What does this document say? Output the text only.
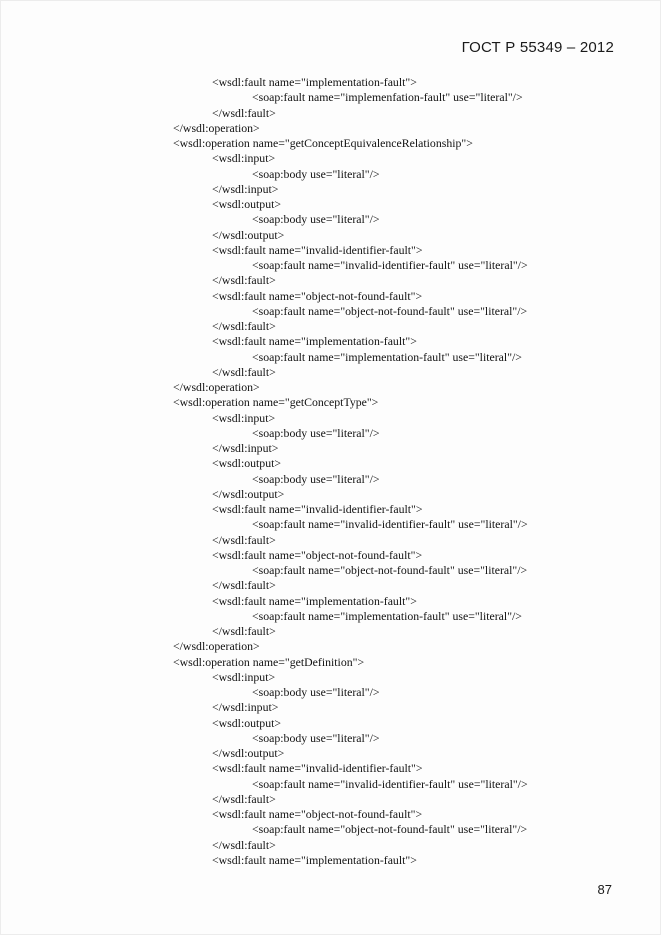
ГОСТ Р 55349 – 2012
<wsdl:fault name="implementation-fault">
<soap:fault name="implemenfation-fault" use="literal"/>
</wsdl:fault>
</wsdl:operation>
<wsdl:operation name="getConceptEquivalenceRelationship">
<wsdl:input>
<soap:body use="literal"/>
</wsdl:input>
<wsdl:output>
<soap:body use="literal"/>
</wsdl:output>
<wsdl:fault name="invalid-identifier-fault">
<soap:fault name="invalid-identifier-fault" use="literal"/>
</wsdl:fault>
<wsdl:fault name="object-not-found-fault">
<soap:fault name="object-not-found-fault" use="literal"/>
</wsdl:fault>
<wsdl:fault name="implementation-fault">
<soap:fault name="implementation-fault" use="literal"/>
</wsdl:fault>
</wsdl:operation>
<wsdl:operation name="getConceptType">
<wsdl:input>
<soap:body use="literal"/>
</wsdl:input>
<wsdl:output>
<soap:body use="literal"/>
</wsdl:output>
<wsdl:fault name="invalid-identifier-fault">
<soap:fault name="invalid-identifier-fault" use="literal"/>
</wsdl:fault>
<wsdl:fault name="object-not-found-fault">
<soap:fault name="object-not-found-fault" use="literal"/>
</wsdl:fault>
<wsdl:fault name="implementation-fault">
<soap:fault name="implementation-fault" use="literal"/>
</wsdl:fault>
</wsdl:operation>
<wsdl:operation name="getDefinition">
<wsdl:input>
<soap:body use="literal"/>
</wsdl:input>
<wsdl:output>
<soap:body use="literal"/>
</wsdl:output>
<wsdl:fault name="invalid-identifier-fault">
<soap:fault name="invalid-identifier-fault" use="literal"/>
</wsdl:fault>
<wsdl:fault name="object-not-found-fault">
<soap:fault name="object-not-found-fault" use="literal"/>
</wsdl:fault>
<wsdl:fault name="implementation-fault">
87
